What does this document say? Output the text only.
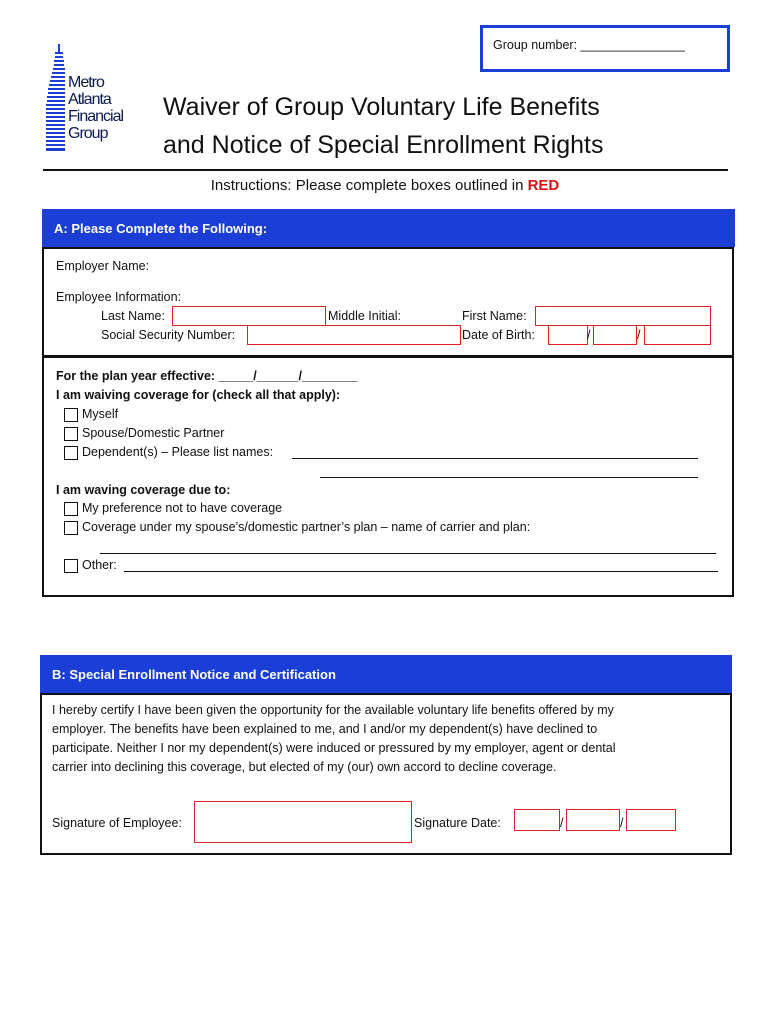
Group number: _______________
Metro
Atlanta
Financial
Group
Waiver of Group Voluntary Life Benefits
and Notice of Special Enrollment Rights
Instructions: Please complete boxes outlined in RED
A: Please Complete the Following:
Employer Name:
Employee Information:
Last Name:	Middle Initial:	First Name:
Social Security Number:	Date of Birth:	/	/
For the plan year effective: _____/______/________
I am waiving coverage for (check all that apply):
Myself
Spouse/Domestic Partner
Dependent(s) – Please list names:
I am waving coverage due to:
My preference not to have coverage
Coverage under my spouse’s/domestic partner’s plan – name of carrier and plan:
Other:
B: Special Enrollment Notice and Certification
I hereby certify I have been given the opportunity for the available voluntary life benefits offered by my
employer. The benefits have been explained to me, and I and/or my dependent(s) have declined to
participate. Neither I nor my dependent(s) were induced or pressured by my employer, agent or dental
carrier into declining this coverage, but elected of my (our) own accord to decline coverage.
Signature of Employee:	Signature Date:	/	/
